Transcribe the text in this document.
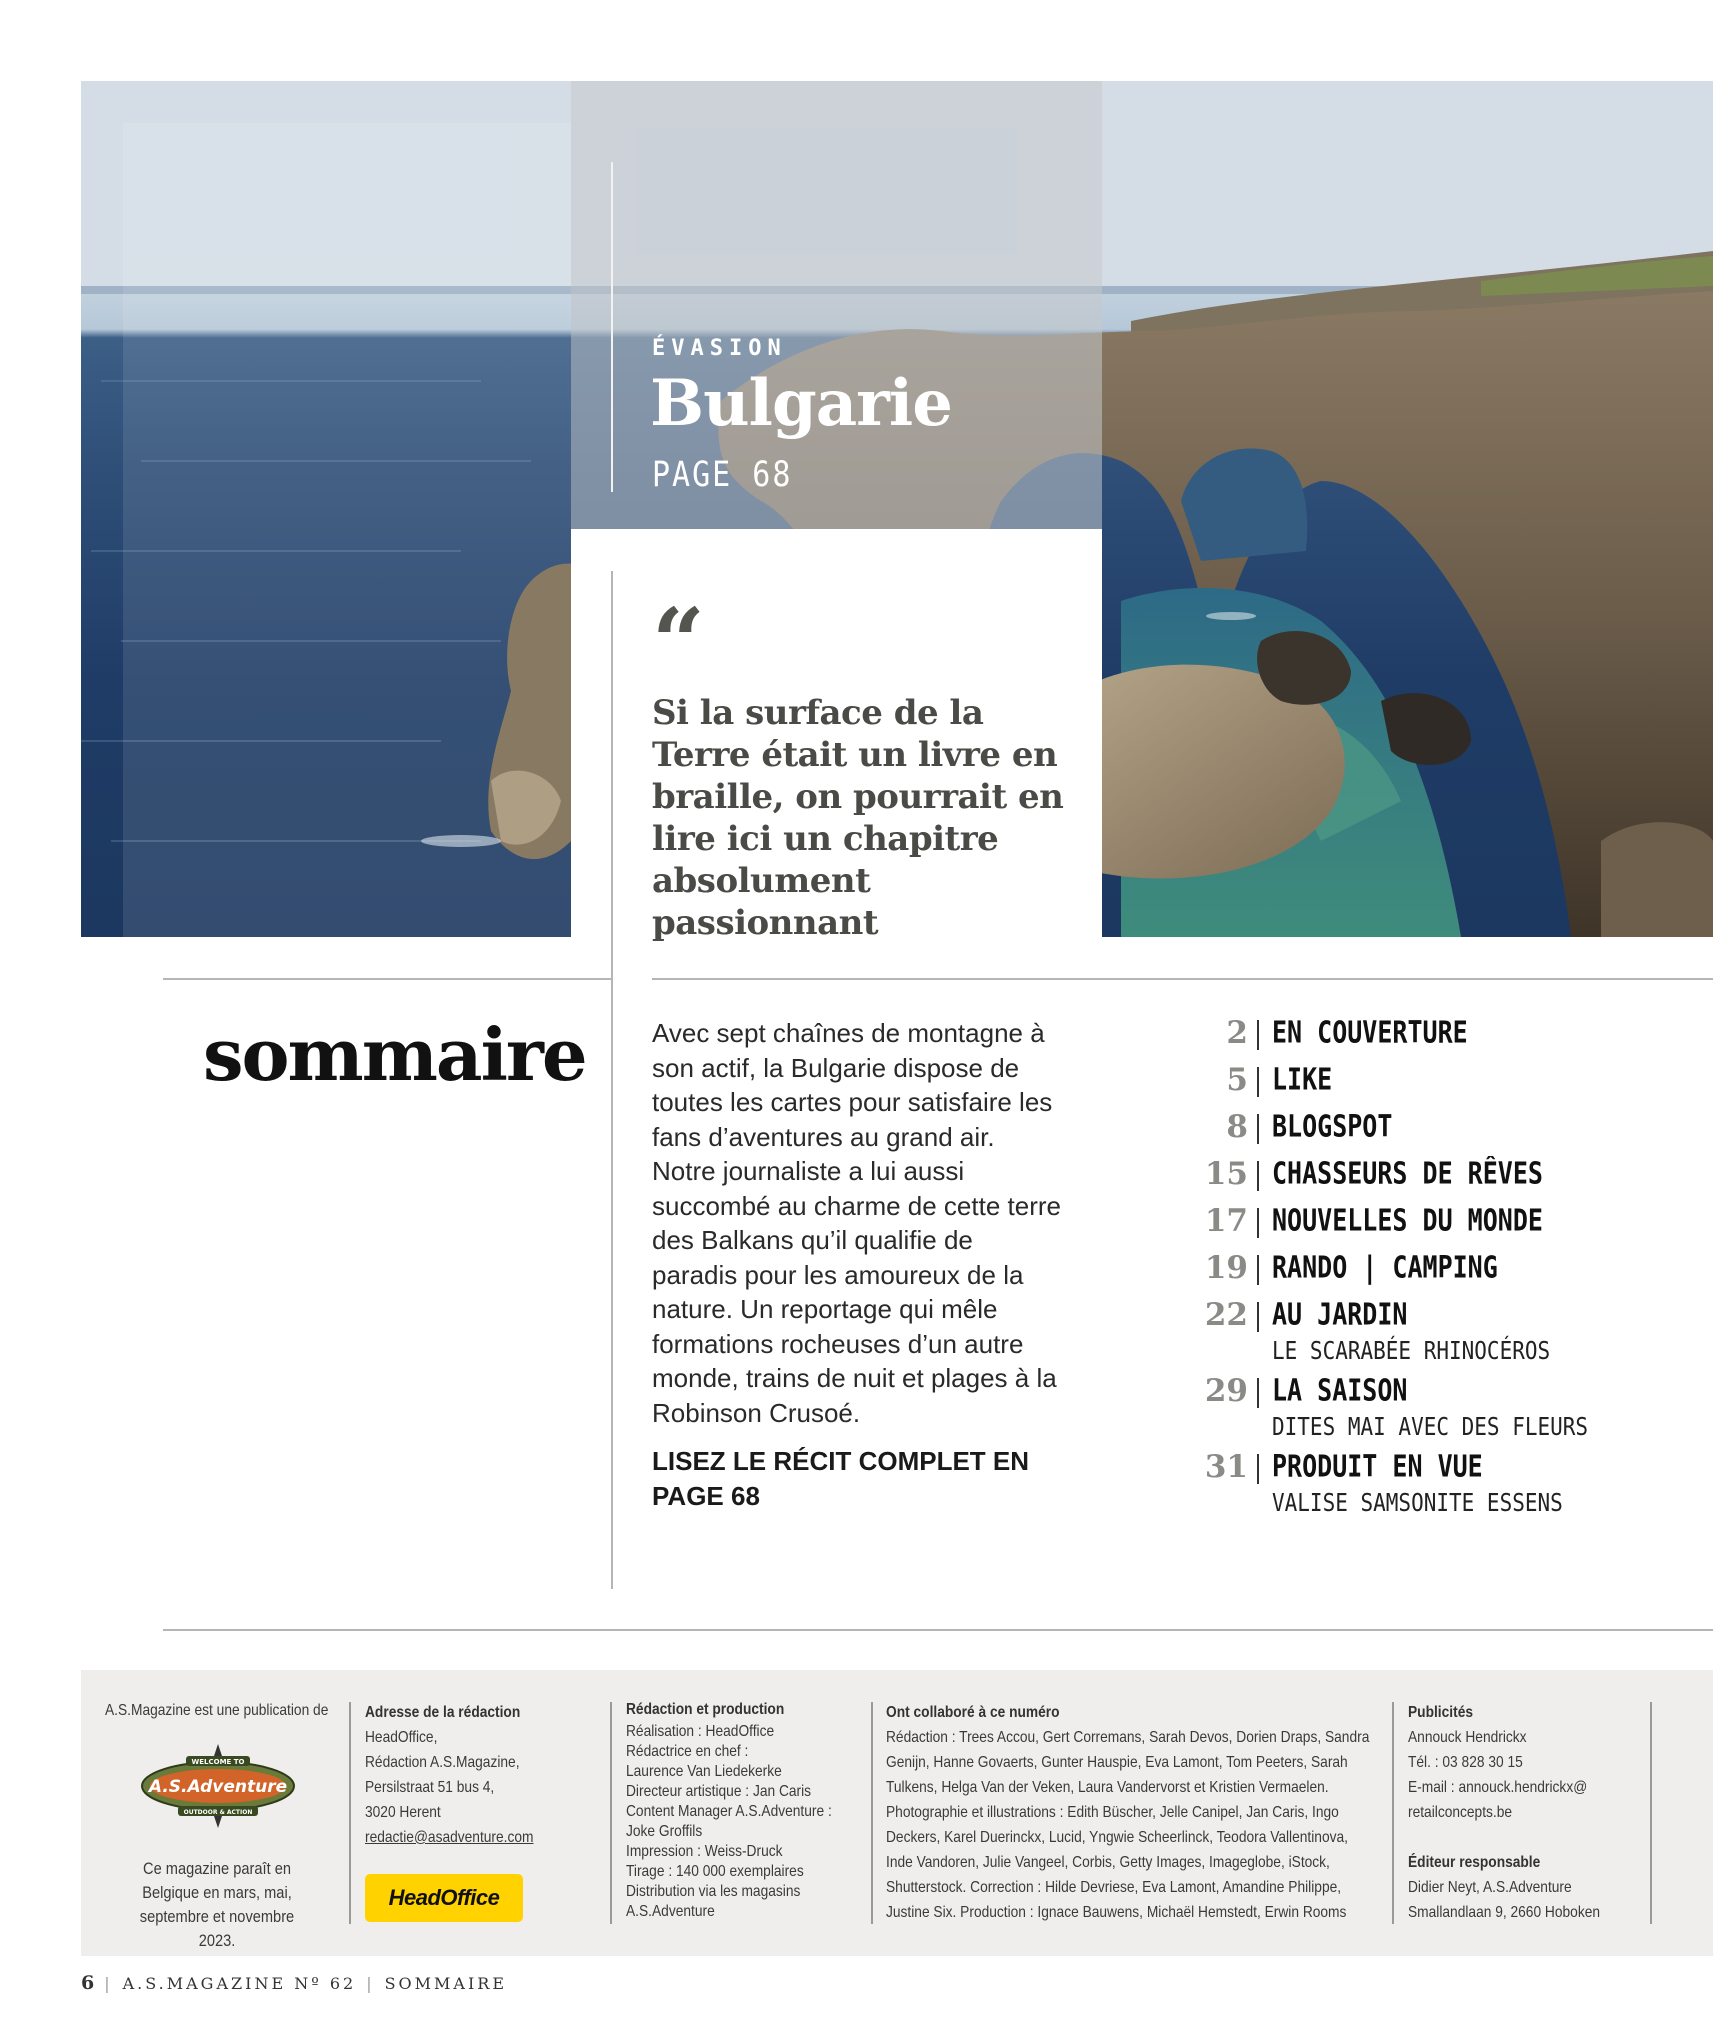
ÉVASION
Bulgarie
PAGE 68
“
Si la surface de la Terre était un livre en braille, on pourrait en lire ici un chapitre absolument passionnant
sommaire	Avec sept chaînes de montagne à son actif, la Bulgarie dispose de toutes les cartes pour satisfaire les fans d’aventures au grand air. Notre journaliste a lui aussi succombé au charme de cette terre des Balkans qu’il qualifie de paradis pour les amoureux de la nature. Un reportage qui mêle formations rocheuses d’un autre monde, trains de nuit et plages à la Robinson Crusoé.
LISEZ LE RÉCIT COMPLET EN PAGE 68
2 EN COUVERTURE
5 LIKE
8 BLOGSPOT
15 CHASSEURS DE RÊVES
17 NOUVELLES DU MONDE
19 RANDO | CAMPING
22 AU JARDIN
LE SCARABÉE RHINOCÉROS
29 LA SAISON
DITES MAI AVEC DES FLEURS
31 PRODUIT EN VUE
VALISE SAMSONITE ESSENS
A.S.Magazine est une publication de
WELCOME TO
A.S.Adventure
OUTDOOR & ACTION
Ce magazine paraît en Belgique en mars, mai, septembre et novembre 2023.
Adresse de la rédaction
HeadOffice,
Rédaction A.S.Magazine,
Persilstraat 51 bus 4,
3020 Herent
redactie@asadventure.com
HeadOffice
Rédaction et production
Réalisation : HeadOffice
Rédactrice en chef :
Laurence Van Liedekerke
Directeur artistique : Jan Caris
Content Manager A.S.Adventure :
Joke Groffils
Impression : Weiss-Druck
Tirage : 140 000 exemplaires
Distribution via les magasins
A.S.Adventure
Ont collaboré à ce numéro
Rédaction : Trees Accou, Gert Corremans, Sarah Devos, Dorien Draps, Sandra
Genijn, Hanne Govaerts, Gunter Hauspie, Eva Lamont, Tom Peeters, Sarah
Tulkens, Helga Van der Veken, Laura Vandervorst et Kristien Vermaelen.
Photographie et illustrations : Edith Büscher, Jelle Canipel, Jan Caris, Ingo
Deckers, Karel Duerinckx, Lucid, Yngwie Scheerlinck, Teodora Vallentinova,
Inde Vandoren, Julie Vangeel, Corbis, Getty Images, Imageglobe, iStock,
Shutterstock. Correction : Hilde Devriese, Eva Lamont, Amandine Philippe,
Justine Six. Production : Ignace Bauwens, Michaël Hemstedt, Erwin Rooms
Publicités
Annouck Hendrickx
Tél. : 03 828 30 15
E-mail : annouck.hendrickx@
retailconcepts.be
Éditeur responsable
Didier Neyt, A.S.Adventure
Smallandlaan 9, 2660 Hoboken
6 | A.S.MAGAZINE Nº 62 | SOMMAIRE
